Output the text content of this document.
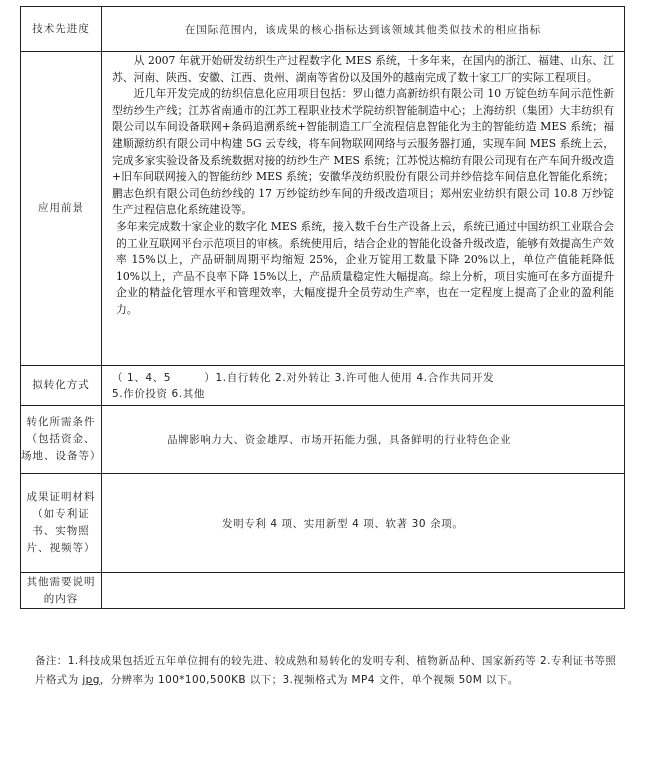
技术先进度	在国际范围内，该成果的核心指标达到该领域其他类似技术的相应指标
应用前景	从 2007 年就开始研发纺织生产过程数字化 MES 系统，十多年来，在国内的浙江、福建、山东、江苏、河南、陕西、安徽、江西、贵州、湖南等省份以及国外的越南完成了数十家工厂的实际工程项目。

近几年开发完成的纺织信息化应用项目包括：罗山德力高新纺织有限公司 10 万锭色纺车间示范性新型纺纱生产线；江苏省南通市的江苏工程职业技术学院纺织智能制造中心；上海纺织（集团）大丰纺织有限公司以车间设备联网+条码追溯系统+智能制造工厂全流程信息智能化为主的智能纺造 MES 系统；福建顺源纺织有限公司中构建 5G 云专线，将车间物联网网络与云服务器打通，实现车间 MES 系统上云，完成多家实验设备及系统数据对接的纺纱生产 MES 系统；江苏悦达棉纺有限公司现有在产车间升级改造+旧车间联网接入的智能纺纱 MES 系统；安徽华茂纺织股份有限公司并纱倍捻车间信息化智能化系统；鹏志色织有限公司色纺纱线的 17 万纱锭纺纱车间的升级改造项目；郑州宏业纺织有限公司 10.8 万纱锭生产过程信息化系统建设等。

多年来完成数十家企业的数字化 MES 系统，接入数千台生产设备上云，系统已通过中国纺织工业联合会的工业互联网平台示范项目的审核。系统使用后，结合企业的智能化设备升级改造，能够有效提高生产效率 15%以上，产品研制周期平均缩短 25%，企业万锭用工数量下降 20%以上，单位产值能耗降低 10%以上，产品不良率下降 15%以上，产品质量稳定性大幅提高。综上分析，项目实施可在多方面提升企业的精益化管理水平和管理效率，大幅度提升全员劳动生产率，也在一定程度上提高了企业的盈利能力。

拟转化方式	（ 1、4、5　　　）1.自行转化 2.对外转让 3.许可他人使用 4.合作共同开发
5.作价投资 6.其他

转化所需条件（包括资金、场地、设备等）	品牌影响力大、资金雄厚、市场开拓能力强，具备鲜明的行业特色企业
成果证明材料（如专利证书、实物照片、视频等）	发明专利 4 项、实用新型 4 项、软著 30 余项。
其他需要说明的内容	
备注：1.科技成果包括近五年单位拥有的较先进、较成熟和易转化的发明专利、植物新品种、国家新药等 2.专利证书等照片格式为 jpg，分辨率为 100*100,500KB 以下；3.视频格式为 MP4 文件，单个视频 50M 以下。
